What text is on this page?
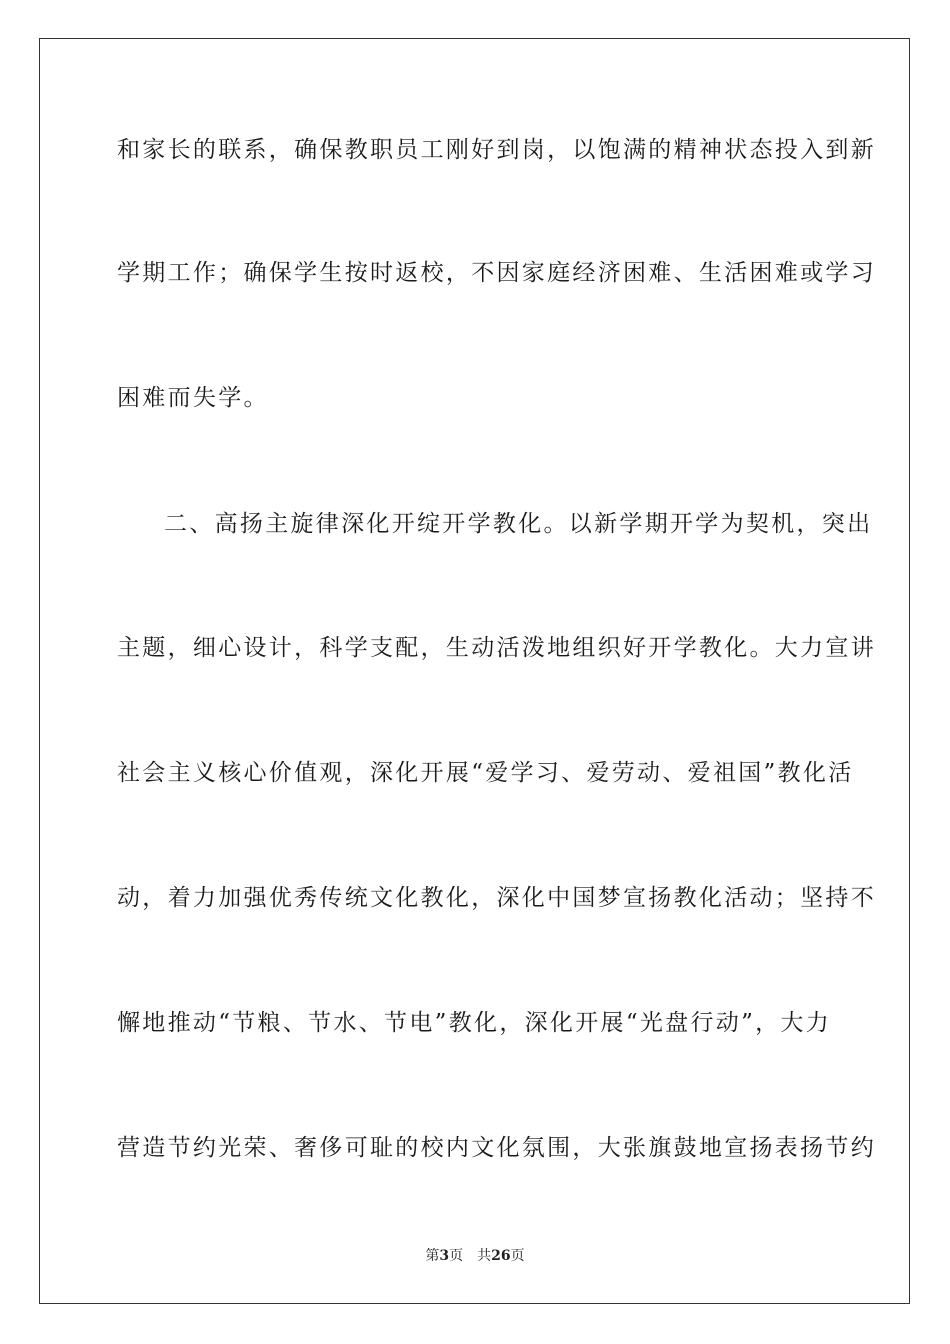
和家长的联系，确保教职员工刚好到岗，以饱满的精神状态投入到新
学期工作；确保学生按时返校，不因家庭经济困难、生活困难或学习
困难而失学。
二、高扬主旋律深化开绽开学教化。以新学期开学为契机，突出
主题，细心设计，科学支配，生动活泼地组织好开学教化。大力宣讲
社会主义核心价值观，深化开展“爱学习、爱劳动、爱祖国”教化活
动，着力加强优秀传统文化教化，深化中国梦宣扬教化活动；坚持不
懈地推动“节粮、节水、节电”教化，深化开展“光盘行动”，大力
营造节约光荣、奢侈可耻的校内文化氛围，大张旗鼓地宣扬表扬节约
第3页 共26页
